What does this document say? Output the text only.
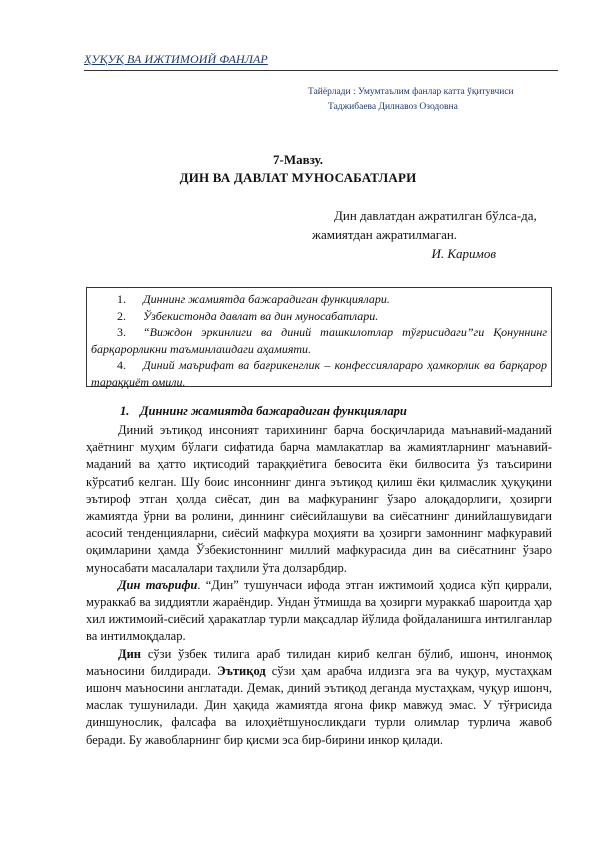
ҲУҚУҚ ВА ИЖТИМОИЙ ФАНЛАР
Тайёрлади : Умумтаълим фанлар катта ўқитувчиси
Таджибаева Дилнавоз Озодовна
7-Мавзу.
ДИН ВА ДАВЛАТ МУНОСАБАТЛАРИ
Дин давлатдан ажратилган бўлса-да,
жамиятдан ажратилмаган.
И. Каримов
1. Диннинг жамиятда бажарадиган функциялари.
2. Ўзбекистонда давлат ва дин муносабатлари.
3. “Виждон эркинлиги ва диний ташкилотлар тўғрисидаги”ги Қонуннинг барқарорликни таъминлашдаги аҳамияти.
4. Диний маърифат ва бағрикенглик – конфессияларaро ҳамкорлик ва барқарор тараққиёт омили.
1. Диннинг жамиятда бажарадиган функциялари

Диний эътиқод инсоният тарихининг барча босқичларида маънавий-маданий ҳаётнинг муҳим бўлаги сифатида барча мамлакатлар ва жамиятларнинг маънавий-маданий ва ҳатто иқтисодий тараққиётига бевосита ёки билвосита ўз таъсирини кўрсатиб келган. Шу боис инсоннинг динга эътиқод қилиш ёки қилмаслик ҳуқуқини эътироф этган ҳолда сиёсат, дин ва мафкуранинг ўзаро алоқадорлиги, ҳозирги жамиятда ўрни ва ролини, диннинг сиёсийлашуви ва сиёсатнинг динийлашувидаги асосий тенденцияларни, сиёсий мафкура моҳияти ва ҳозирги замоннинг мафкуравий оқимларини ҳамда Ўзбекистоннинг миллий мафкурасида дин ва сиёсатнинг ўзаро муносабати масалалари таҳлили ўта долзарбдир.

Дин таърифи. “Дин” тушунчаси ифода этган ижтимоий ҳодиса кўп қиррали, мураккаб ва зиддиятли жараёндир. Ундан ўтмишда ва ҳозирги мураккаб шароитда ҳар хил ижтимоий-сиёсий ҳаракатлар турли мақсадлар йўлида фойдаланишга интилганлар ва интилмоқдалар.

Дин сўзи ўзбек тилига араб тилидан кириб келган бўлиб, ишонч, инонмоқ маъносини билдиради. Эътиқод сўзи ҳам арабча илдизга эга ва чуқур, мустаҳкам ишонч маъносини англатади. Демак, диний эътиқод деганда мустаҳкам, чуқур ишонч, маслак тушунилади. Дин ҳақида жамиятда ягона фикр мавжуд эмас. У тўғрисида диншунослик, фалсафа ва илоҳиётшуносликдаги турли олимлар турлича жавоб беради. Бу жавобларнинг бир қисми эса бир-бирини инкор қилади.
